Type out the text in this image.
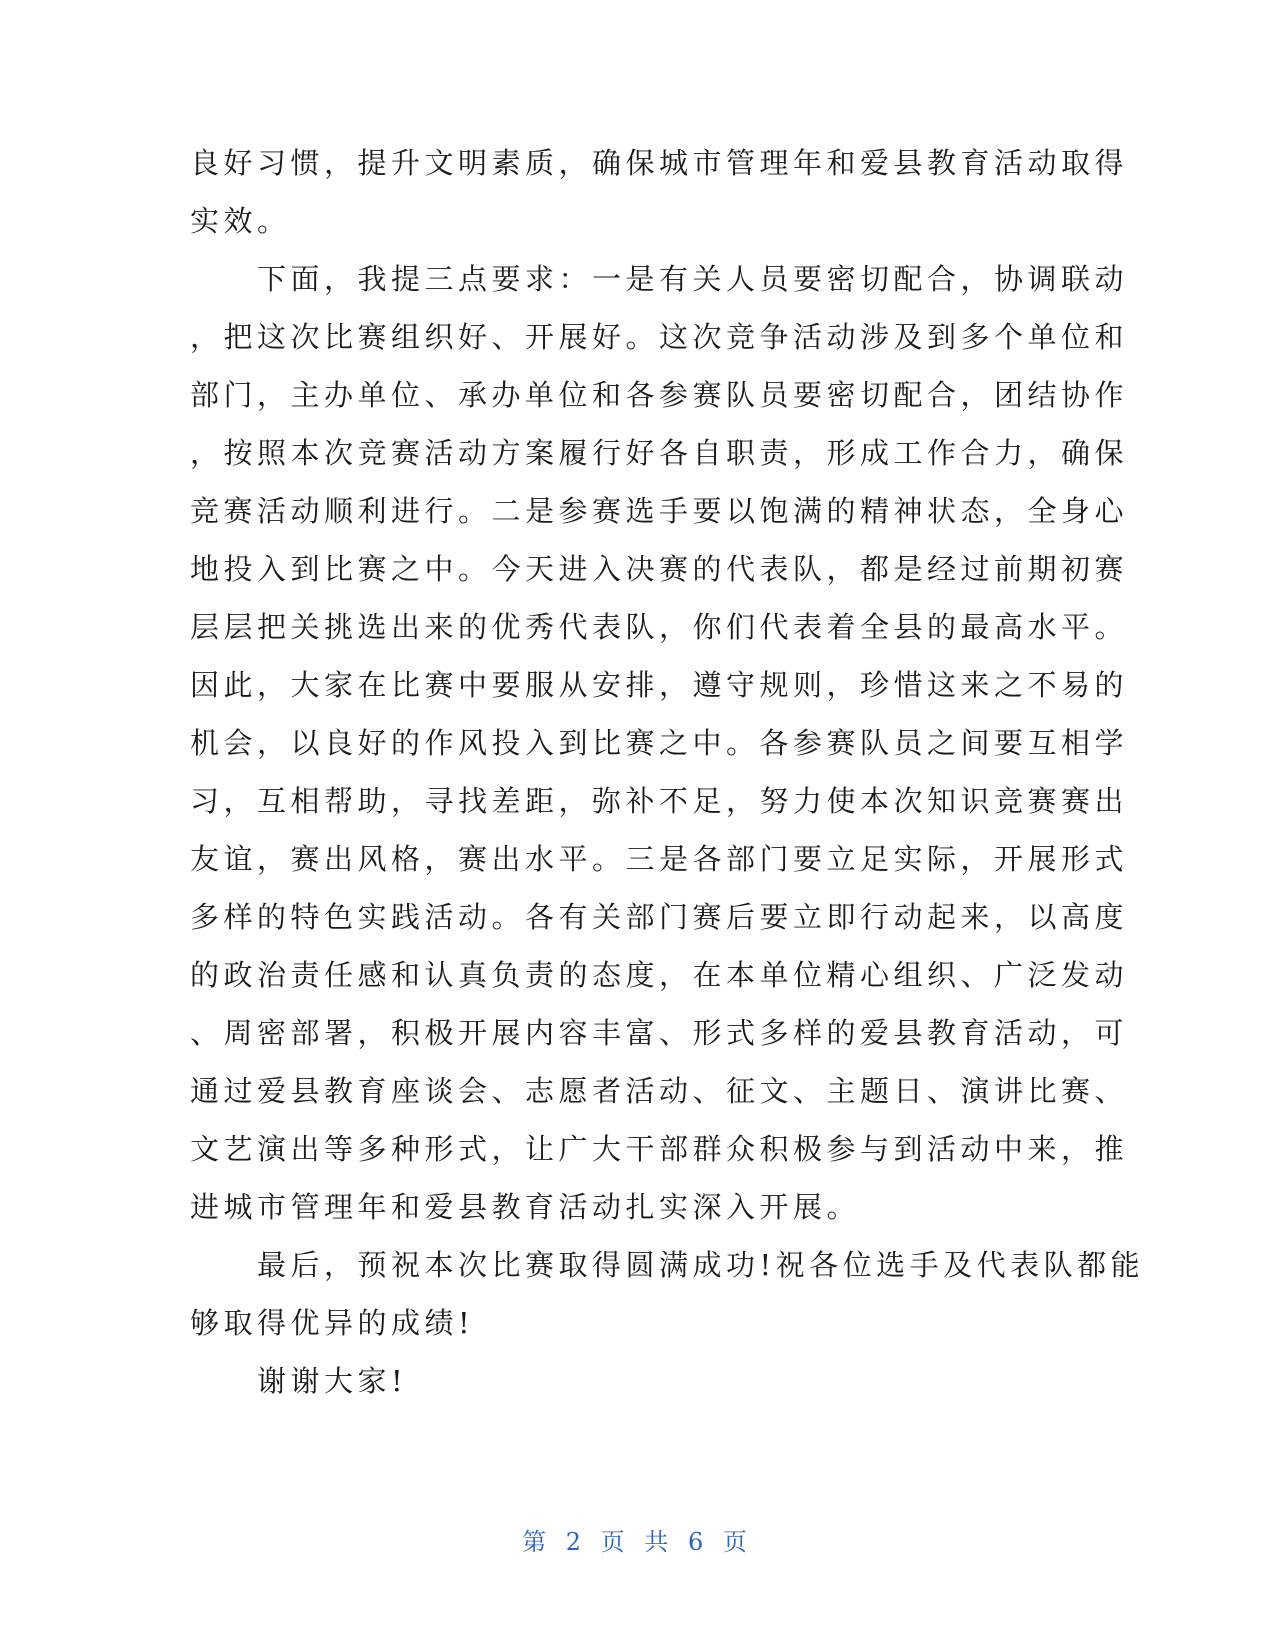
良好习惯，提升文明素质，确保城市管理年和爱县教育活动取得
实效。
　　下面，我提三点要求：一是有关人员要密切配合，协调联动
，把这次比赛组织好、开展好。这次竞争活动涉及到多个单位和
部门，主办单位、承办单位和各参赛队员要密切配合，团结协作
，按照本次竞赛活动方案履行好各自职责，形成工作合力，确保
竞赛活动顺利进行。二是参赛选手要以饱满的精神状态，全身心
地投入到比赛之中。今天进入决赛的代表队，都是经过前期初赛
层层把关挑选出来的优秀代表队，你们代表着全县的最高水平。
因此，大家在比赛中要服从安排，遵守规则，珍惜这来之不易的
机会，以良好的作风投入到比赛之中。各参赛队员之间要互相学
习，互相帮助，寻找差距，弥补不足，努力使本次知识竞赛赛出
友谊，赛出风格，赛出水平。三是各部门要立足实际，开展形式
多样的特色实践活动。各有关部门赛后要立即行动起来，以高度
的政治责任感和认真负责的态度，在本单位精心组织、广泛发动
、周密部署，积极开展内容丰富、形式多样的爱县教育活动，可
通过爱县教育座谈会、志愿者活动、征文、主题日、演讲比赛、
文艺演出等多种形式，让广大干部群众积极参与到活动中来，推
进城市管理年和爱县教育活动扎实深入开展。
　　最后，预祝本次比赛取得圆满成功!祝各位选手及代表队都能
够取得优异的成绩!
　　谢谢大家!
第 2 页 共 6 页
